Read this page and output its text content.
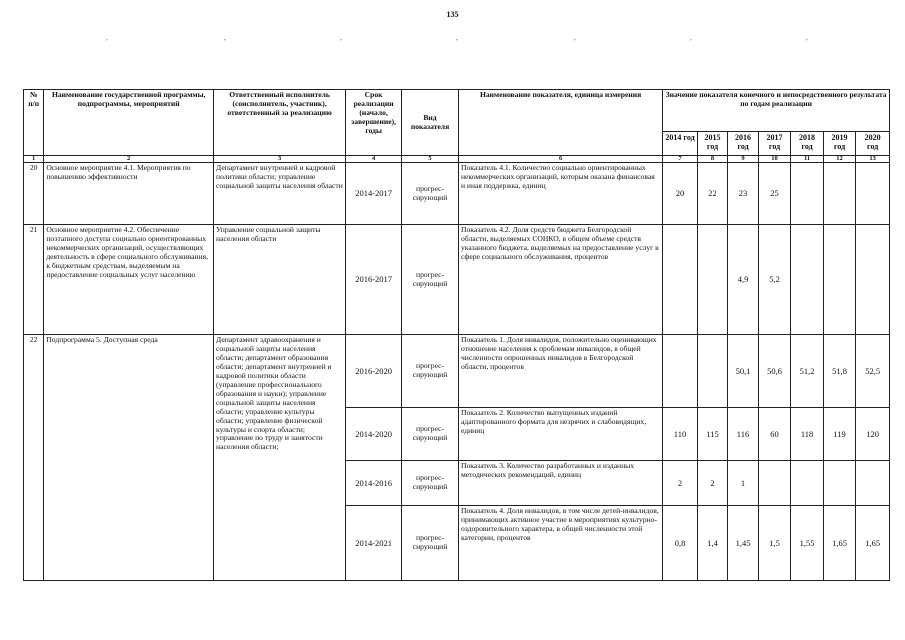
135
,	,	,	,	,	,	,
№ п/п	Наименование государственной программы, подпрограммы, мероприятий	Ответственный исполнитель (соисполнитель, участник), ответственный за реализацию	Срок реализации (начало, завершение), годы	Вид показателя	Наименование показателя, единица измерения	Значение показателя конечного и непосредственного результата по годам реализации						
						2014 год	2015 год	2016 год	2017 год	2018 год	2019 год	2020 год
1	2	3	4	5	6	7	8	9	10	11	12	13
20	Основное мероприятие 4.1. Мероприятия по повышению эффективности	Департамент внутренней и кадровой политики области; управление социальной защиты населения области	2014-2017	прогрес-сирующий	Показатель 4.1. Количество социально ориентированных некоммерческих организаций, которым оказана финансовая и иная поддержка, единиц	20	22	23	25			
21	Основное мероприятие 4.2. Обеспечение поэтапного доступа социально ориентированных некоммерческих организаций, осуществляющих деятельность в сфере социального обслуживания, к бюджетным средствам, выделяемым на предоставление социальных услуг населению	Управление социальной защиты населения области	2016-2017	прогрес-сирующий	Показатель 4.2. Доля средств бюджета Белгородской области, выделяемых СОНКО, в общем объеме средств указанного бюджета, выделяемых на предоставление услуг в сфере социального обслуживания, процентов			4,9	5,2			
22	Подпрограмма 5. Доступная среда	Департамент здравоохранения и социальной защиты населения области; департамент образования области; департамент внутренней и кадровой политики области (управление профессионального образования и науки); управление социальной защиты населения области; управление культуры области; управление физической культуры и спорта области; управление по труду и занятости населения области;	2016-2020	прогрес-сирующий	Показатель 1. Доля инвалидов, положительно оценивающих отношение населения к проблемам инвалидов, в общей численности опрошенных инвалидов в Белгородской области, процентов			50,1	50,6	51,2	51,8	52,5
			2014-2020	прогрес-сирующий	Показатель 2. Количество выпущенных изданий адаптированного формата для незрячих и слабовидящих, единиц	110	115	116	60	118	119	120
			2014-2016	прогрес-сирующий	Показатель 3. Количество разработанных и изданных методических рекомендаций, единиц	2	2	1				
			2014-2021	прогрес-сирующий	Показатель 4. Доля инвалидов, в том числе детей-инвалидов, принимающих активное участие в мероприятиях культурно-оздоровительного характера, в общей численности этой категории, процентов	0,8	1,4	1,45	1,5	1,55	1,65	1,65
